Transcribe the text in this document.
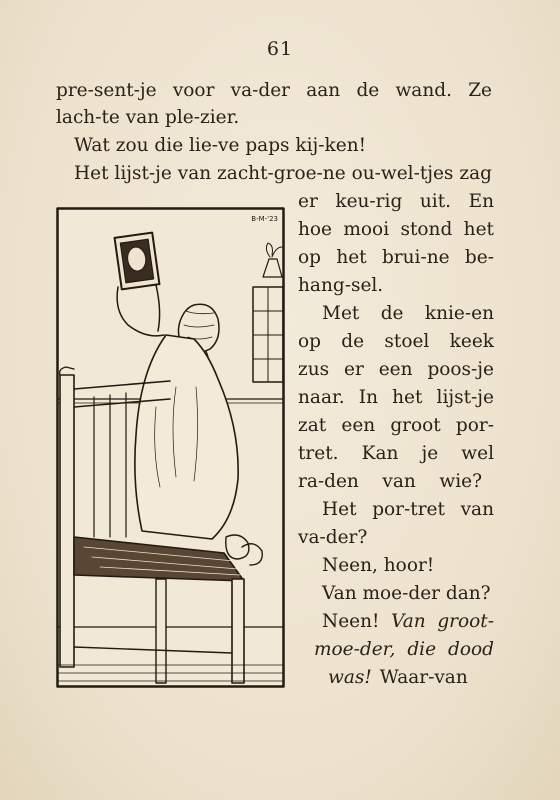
61
pre-sent-je voor va-der aan de wand. Ze
lach-te van ple-zier.
Wat zou die lie-ve paps kij-ken!
Het lijst-je van zacht-groe-ne ou-wel-tjes zag
er keu-rig uit. En
hoe mooi stond het
op het brui-ne be-
hang-sel.
Met de knie-en
op de stoel keek
zus er een poos-je
naar. In het lijst-je
zat een groot por-
tret. Kan je wel
ra-den van wie?
Het por-tret van
va-der?
Neen, hoor!
Van moe-der dan?
Neen! Van groot-
moe-der, die dood
was! Waar-van
B-M-'23
